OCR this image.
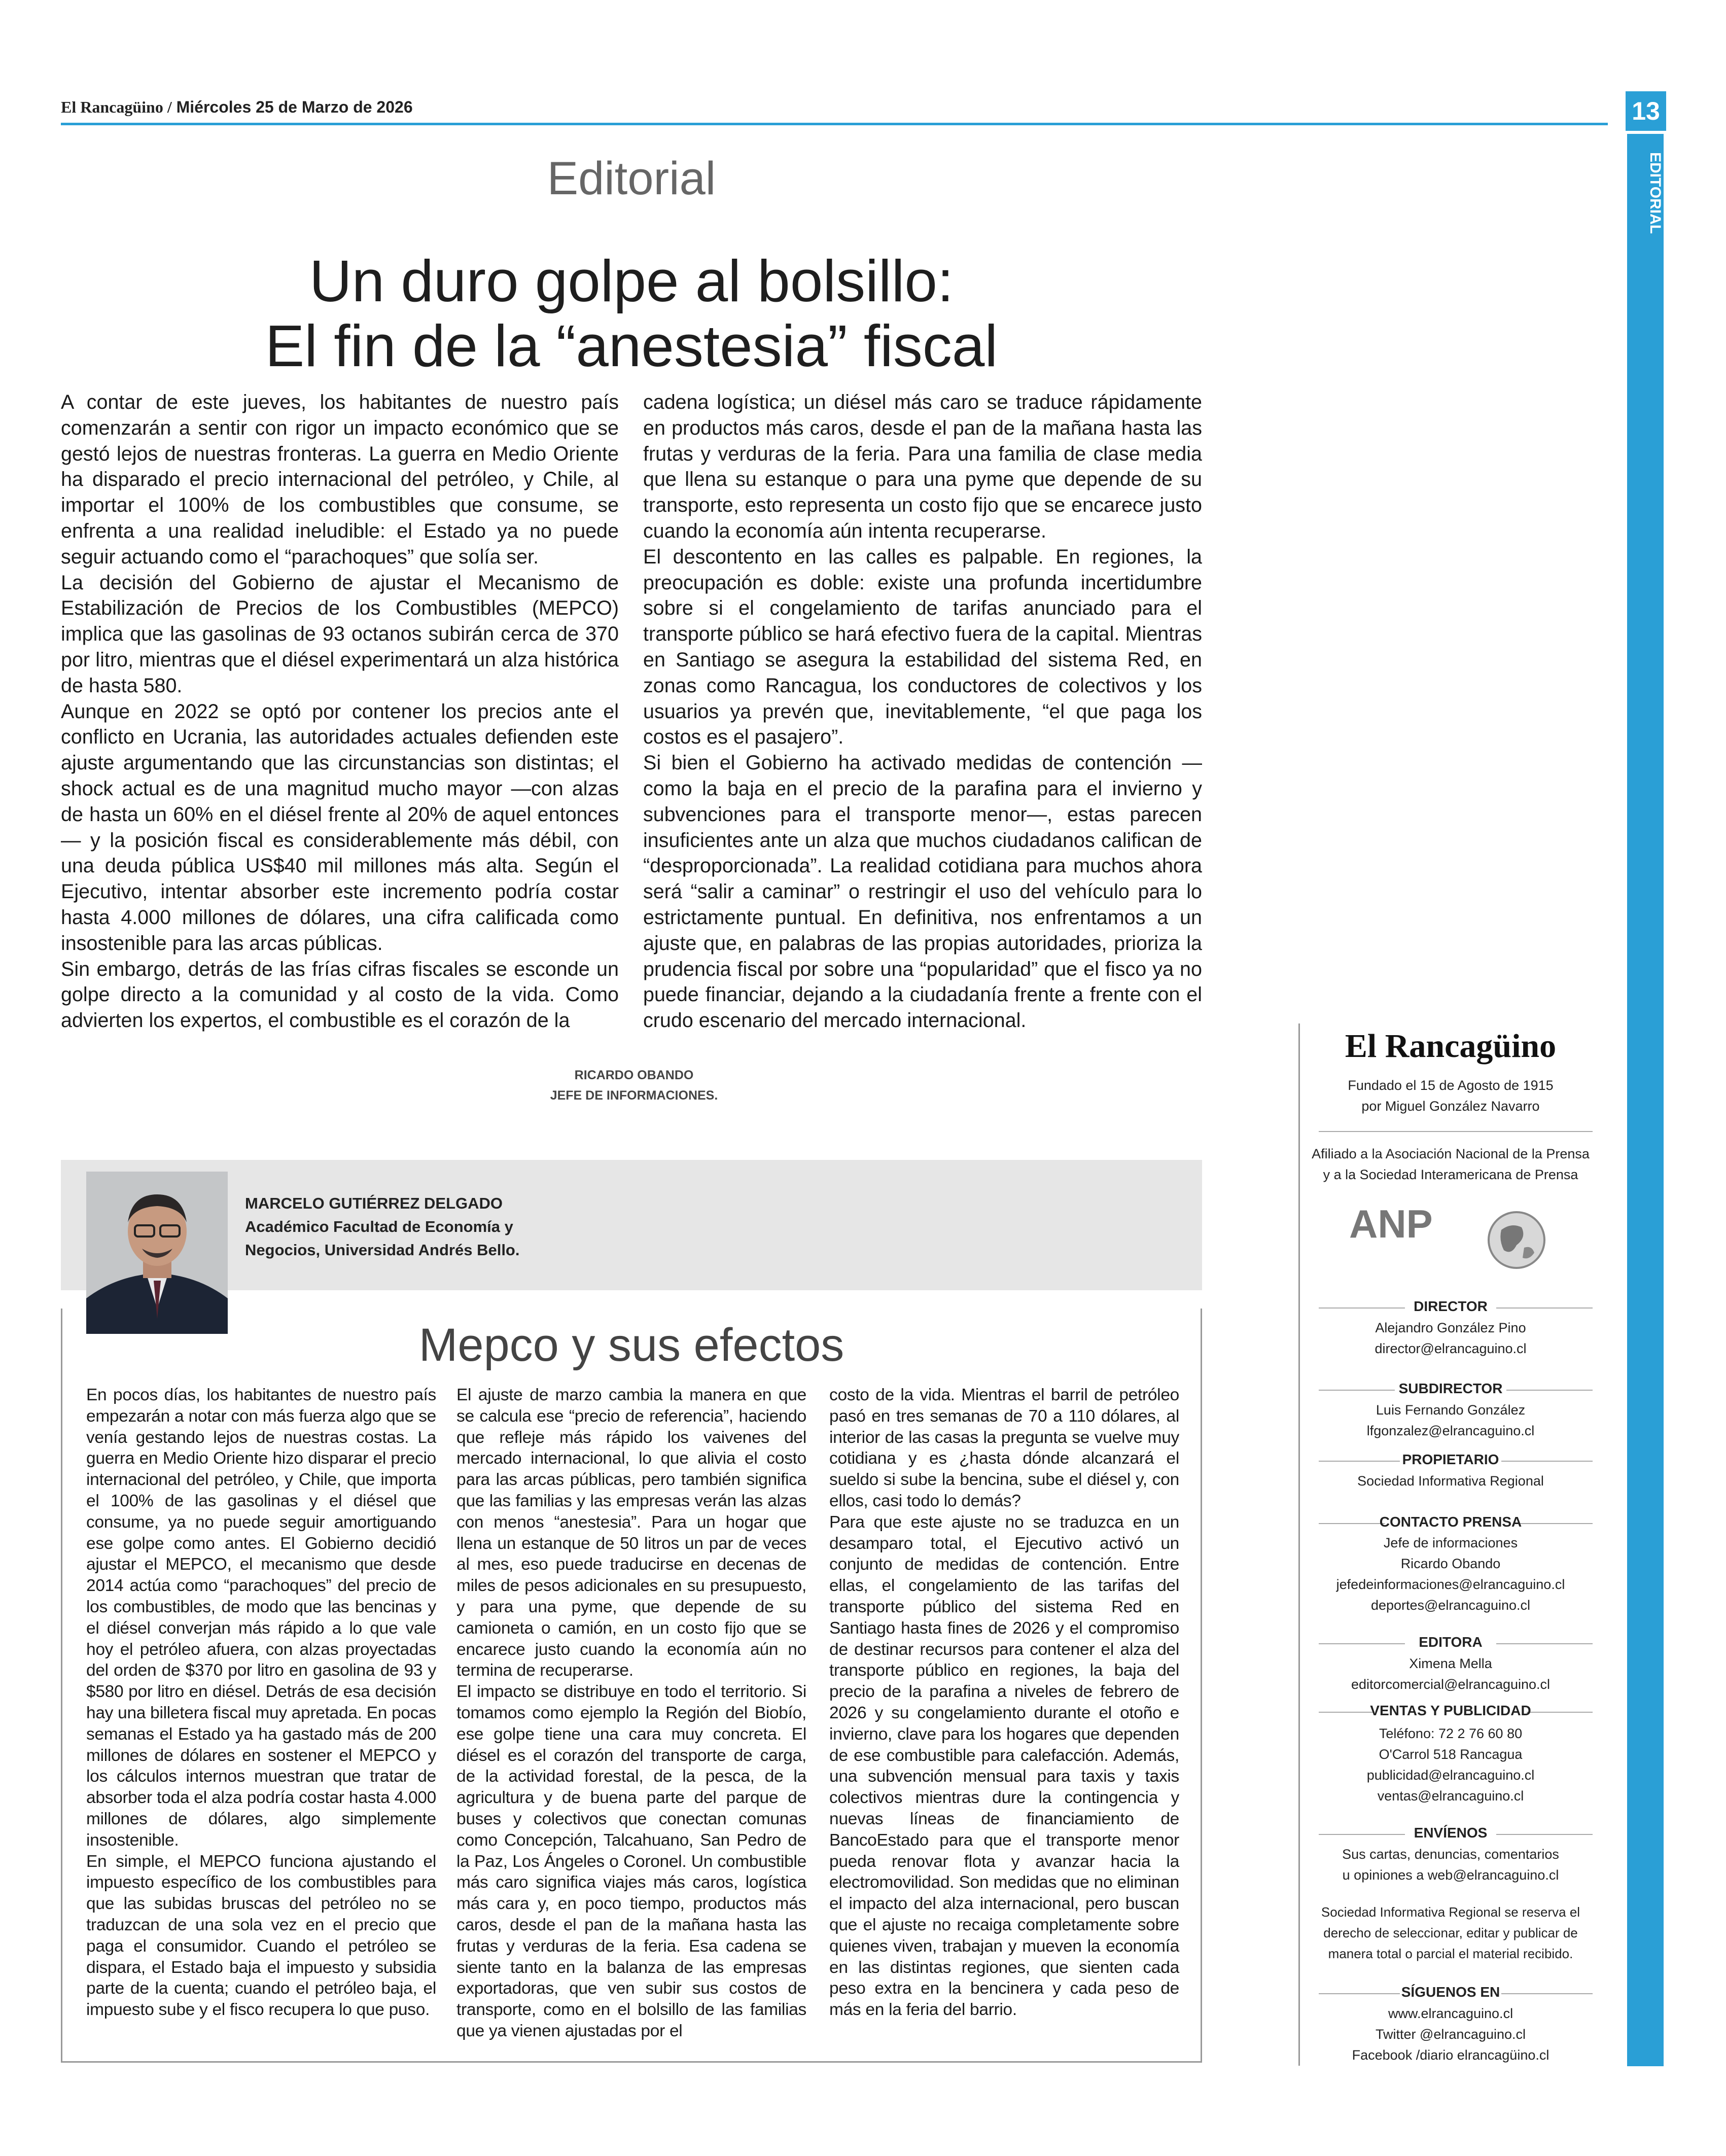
El Rancagüino / Miércoles 25 de Marzo de 2026	13
EDITORIAL
Editorial
Un duro golpe al bolsillo:
El fin de la “anestesia” fiscal

A contar de este jueves, los habitantes de nuestro país comenzarán a sentir con rigor un impacto económico que se gestó lejos de nuestras fronteras. La guerra en Medio Oriente ha disparado el precio internacional del petróleo, y Chile, al importar el 100% de los combustibles que consume, se enfrenta a una realidad ineludible: el Estado ya no puede seguir actuando como el “parachoques” que solía ser.

La decisión del Gobierno de ajustar el Mecanismo de Estabilización de Precios de los Combustibles (MEPCO) implica que las gasolinas de 93 octanos subirán cerca de 370 por litro, mientras que el diésel experimentará un alza histórica de hasta 580.

Aunque en 2022 se optó por contener los precios ante el conflicto en Ucrania, las autoridades actuales defienden este ajuste argumentando que las circunstancias son distintas; el shock actual es de una magnitud mucho mayor —con alzas de hasta un 60% en el diésel frente al 20% de aquel entonces— y la posición fiscal es considerablemente más débil, con una deuda pública US$40 mil millones más alta. Según el Ejecutivo, intentar absorber este incremento podría costar hasta 4.000 millones de dólares, una cifra calificada como insostenible para las arcas públicas.

Sin embargo, detrás de las frías cifras fiscales se esconde un golpe directo a la comunidad y al costo de la vida. Como advierten los expertos, el combustible es el corazón de la

cadena logística; un diésel más caro se traduce rápidamente en productos más caros, desde el pan de la mañana hasta las frutas y verduras de la feria. Para una familia de clase media que llena su estanque o para una pyme que depende de su transporte, esto representa un costo fijo que se encarece justo cuando la economía aún intenta recuperarse.

El descontento en las calles es palpable. En regiones, la preocupación es doble: existe una profunda incertidumbre sobre si el congelamiento de tarifas anunciado para el transporte público se hará efectivo fuera de la capital. Mientras en Santiago se asegura la estabilidad del sistema Red, en zonas como Rancagua, los conductores de colectivos y los usuarios ya prevén que, inevitablemente, “el que paga los costos es el pasajero”.

Si bien el Gobierno ha activado medidas de contención —como la baja en el precio de la parafina para el invierno y subvenciones para el transporte menor—, estas parecen insuficientes ante un alza que muchos ciudadanos califican de “desproporcionada”. La realidad cotidiana para muchos ahora será “salir a caminar” o restringir el uso del vehículo para lo estrictamente puntual. En definitiva, nos enfrentamos a un ajuste que, en palabras de las propias autoridades, prioriza la prudencia fiscal por sobre una “popularidad” que el fisco ya no puede financiar, dejando a la ciudadanía frente a frente con el crudo escenario del mercado internacional.

RICARDO OBANDO
JEFE DE INFORMACIONES.
MARCELO GUTIÉRREZ DELGADO
Académico Facultad de Economía y
Negocios, Universidad Andrés Bello.
Mepco y sus efectos

En pocos días, los habitantes de nuestro país empezarán a notar con más fuerza algo que se venía gestando lejos de nuestras costas. La guerra en Medio Oriente hizo disparar el precio internacional del petróleo, y Chile, que importa el 100% de las gasolinas y el diésel que consume, ya no puede seguir amortiguando ese golpe como antes. El Gobierno decidió ajustar el MEPCO, el mecanismo que desde 2014 actúa como “parachoques” del precio de los combustibles, de modo que las bencinas y el diésel converjan más rápido a lo que vale hoy el petróleo afuera, con alzas proyectadas del orden de $370 por litro en gasolina de 93 y $580 por litro en diésel. Detrás de esa decisión hay una billetera fiscal muy apretada. En pocas semanas el Estado ya ha gastado más de 200 millones de dólares en sostener el MEPCO y los cálculos internos muestran que tratar de absorber toda el alza podría costar hasta 4.000 millones de dólares, algo simplemente insostenible.

En simple, el MEPCO funciona ajustando el impuesto específico de los combustibles para que las subidas bruscas del petróleo no se traduzcan de una sola vez en el precio que paga el consumidor. Cuando el petróleo se dispara, el Estado baja el impuesto y subsidia parte de la cuenta; cuando el petróleo baja, el impuesto sube y el fisco recupera lo que puso.

El ajuste de marzo cambia la manera en que se calcula ese “precio de referencia”, haciendo que refleje más rápido los vaivenes del mercado internacional, lo que alivia el costo para las arcas públicas, pero también significa que las familias y las empresas verán las alzas con menos “anestesia”. Para un hogar que llena un estanque de 50 litros un par de veces al mes, eso puede traducirse en decenas de miles de pesos adicionales en su presupuesto, y para una pyme, que depende de su camioneta o camión, en un costo fijo que se encarece justo cuando la economía aún no termina de recuperarse.

El impacto se distribuye en todo el territorio. Si tomamos como ejemplo la Región del Biobío, ese golpe tiene una cara muy concreta. El diésel es el corazón del transporte de carga, de la actividad forestal, de la pesca, de la agricultura y de buena parte del parque de buses y colectivos que conectan comunas como Concepción, Talcahuano, San Pedro de la Paz, Los Ángeles o Coronel. Un combustible más caro significa viajes más caros, logística más cara y, en poco tiempo, productos más caros, desde el pan de la mañana hasta las frutas y verduras de la feria. Esa cadena se siente tanto en la balanza de las empresas exportadoras, que ven subir sus costos de transporte, como en el bolsillo de las familias que ya vienen ajustadas por el

costo de la vida. Mientras el barril de petróleo pasó en tres semanas de 70 a 110 dólares, al interior de las casas la pregunta se vuelve muy cotidiana y es ¿hasta dónde alcanzará el sueldo si sube la bencina, sube el diésel y, con ellos, casi todo lo demás?

Para que este ajuste no se traduzca en un desamparo total, el Ejecutivo activó un conjunto de medidas de contención. Entre ellas, el congelamiento de las tarifas del transporte público del sistema Red en Santiago hasta fines de 2026 y el compromiso de destinar recursos para contener el alza del transporte público en regiones, la baja del precio de la parafina a niveles de febrero de 2026 y su congelamiento durante el otoño e invierno, clave para los hogares que dependen de ese combustible para calefacción. Además, una subvención mensual para taxis y taxis colectivos mientras dure la contingencia y nuevas líneas de financiamiento de BancoEstado para que el transporte menor pueda renovar flota y avanzar hacia la electromovilidad. Son medidas que no eliminan el impacto del alza internacional, pero buscan que el ajuste no recaiga completamente sobre quienes viven, trabajan y mueven la economía en las distintas regiones, que sienten cada peso extra en la bencinera y cada peso de más en la feria del barrio.

El Rancagüino
Fundado el 15 de Agosto de 1915
por Miguel González Navarro
Afiliado a la Asociación Nacional de la Prensa
y a la Sociedad Interamericana de Prensa
ANP
DIRECTOR
Alejandro González Pino
director@elrancaguino.cl
SUBDIRECTOR
Luis Fernando González
lfgonzalez@elrancaguino.cl
PROPIETARIO
Sociedad Informativa Regional
CONTACTO PRENSA
Jefe de informaciones
Ricardo Obando
jefedeinformaciones@elrancaguino.cl
deportes@elrancaguino.cl
EDITORA
Ximena Mella
editorcomercial@elrancaguino.cl
VENTAS Y PUBLICIDAD
Teléfono: 72 2 76 60 80
O'Carrol 518 Rancagua
publicidad@elrancaguino.cl
ventas@elrancaguino.cl
ENVÍENOS
Sus cartas, denuncias, comentarios
u opiniones a web@elrancaguino.cl
Sociedad Informativa Regional se reserva el
derecho de seleccionar, editar y publicar de
manera total o parcial el material recibido.
SÍGUENOS EN
www.elrancaguino.cl
Twitter @elrancaguino.cl
Facebook /diario elrancagüino.cl
